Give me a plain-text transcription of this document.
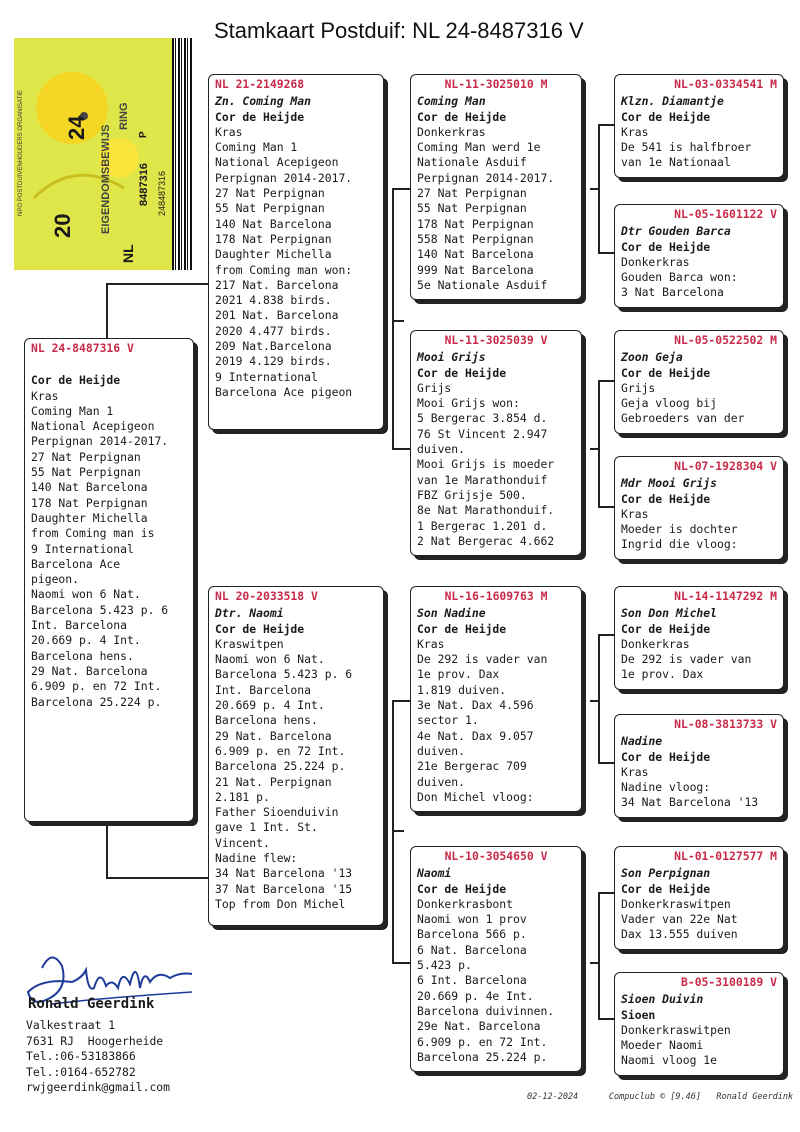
Stamkaart Postduif: NL 24-8487316 V
NPO POSTDUIVENHOUDERS ORGANISATIE
20
24
NL
EIGENDOMSBEWIJS
RING
8487316
P
248487316
NL 24-8487316 V
Cor de Heijde
Kras
Coming Man 1
National Acepigeon
Perpignan 2014-2017.
27 Nat Perpignan
55 Nat Perpignan
140 Nat Barcelona
178 Nat Perpignan
Daughter Michella
from Coming man is
9 International
Barcelona Ace
pigeon.
Naomi won 6 Nat.
Barcelona 5.423 p. 6
Int. Barcelona
20.669 p. 4 Int.
Barcelona hens.
29 Nat. Barcelona
6.909 p. en 72 Int.
Barcelona 25.224 p.
NL 21-2149268
Zn. Coming Man
Cor de Heijde
Kras
Coming Man 1
National Acepigeon
Perpignan 2014-2017.
27 Nat Perpignan
55 Nat Perpignan
140 Nat Barcelona
178 Nat Perpignan
Daughter Michella
from Coming man won:
217 Nat. Barcelona
2021 4.838 birds.
201 Nat. Barcelona
2020 4.477 birds.
209 Nat.Barcelona
2019 4.129 birds.
9 International
Barcelona Ace pigeon
NL 20-2033518 V
Dtr. Naomi
Cor de Heijde
Kraswitpen
Naomi won 6 Nat.
Barcelona 5.423 p. 6
Int. Barcelona
20.669 p. 4 Int.
Barcelona hens.
29 Nat. Barcelona
6.909 p. en 72 Int.
Barcelona 25.224 p.
21 Nat. Perpignan
2.181 p.
Father Sioenduivin
gave 1 Int. St.
Vincent.
Nadine flew:
34 Nat Barcelona '13
37 Nat Barcelona '15
Top from Don Michel
NL-11-3025010 M
Coming Man
Cor de Heijde
Donkerkras
Coming Man werd 1e
Nationale Asduif
Perpignan 2014-2017.
27 Nat Perpignan
55 Nat Perpignan
178 Nat Perpignan
558 Nat Perpignan
140 Nat Barcelona
999 Nat Barcelona
5e Nationale Asduif
NL-11-3025039 V
Mooi Grijs
Cor de Heijde
Grijs
Mooi Grijs won:
5 Bergerac 3.854 d.
76 St Vincent 2.947
duiven.
Mooi Grijs is moeder
van 1e Marathonduif
FBZ Grijsje 500.
8e Nat Marathonduif.
1 Bergerac 1.201 d.
2 Nat Bergerac 4.662
NL-16-1609763 M
Son Nadine
Cor de Heijde
Kras
De 292 is vader van
1e prov. Dax
1.819 duiven.
3e Nat. Dax 4.596
sector 1.
4e Nat. Dax 9.057
duiven.
21e Bergerac 709
duiven.
Don Michel vloog:
NL-10-3054650 V
Naomi
Cor de Heijde
Donkerkrasbont
Naomi won 1 prov
Barcelona 566 p.
6 Nat. Barcelona
5.423 p.
6 Int. Barcelona
20.669 p. 4e Int.
Barcelona duivinnen.
29e Nat. Barcelona
6.909 p. en 72 Int.
Barcelona 25.224 p.
NL-03-0334541 M
Klzn. Diamantje
Cor de Heijde
Kras
De 541 is halfbroer
van 1e Nationaal
NL-05-1601122 V
Dtr Gouden Barca
Cor de Heijde
Donkerkras
Gouden Barca won:
3 Nat Barcelona
NL-05-0522502 M
Zoon Geja
Cor de Heijde
Grijs
Geja vloog bij
Gebroeders van der
NL-07-1928304 V
Mdr Mooi Grijs
Cor de Heijde
Kras
Moeder is dochter
Ingrid die vloog:
NL-14-1147292 M
Son Don Michel
Cor de Heijde
Donkerkras
De 292 is vader van
1e prov. Dax
NL-08-3813733 V
Nadine
Cor de Heijde
Kras
Nadine vloog:
34 Nat Barcelona '13
NL-01-0127577 M
Son Perpignan
Cor de Heijde
Donkerkraswitpen
Vader van 22e Nat
Dax 13.555 duiven
B-05-3100189 V
Sioen Duivin
Sioen
Donkerkraswitpen
Moeder Naomi
Naomi vloog 1e
Ronald Geerdink
Valkestraat 1
7631 RJ  Hoogerheide
Tel.:06-53183866
Tel.:0164-652782
rwjgeerdink@gmail.com
02-12-2024	Compuclub © [9.46] Ronald Geerdink
